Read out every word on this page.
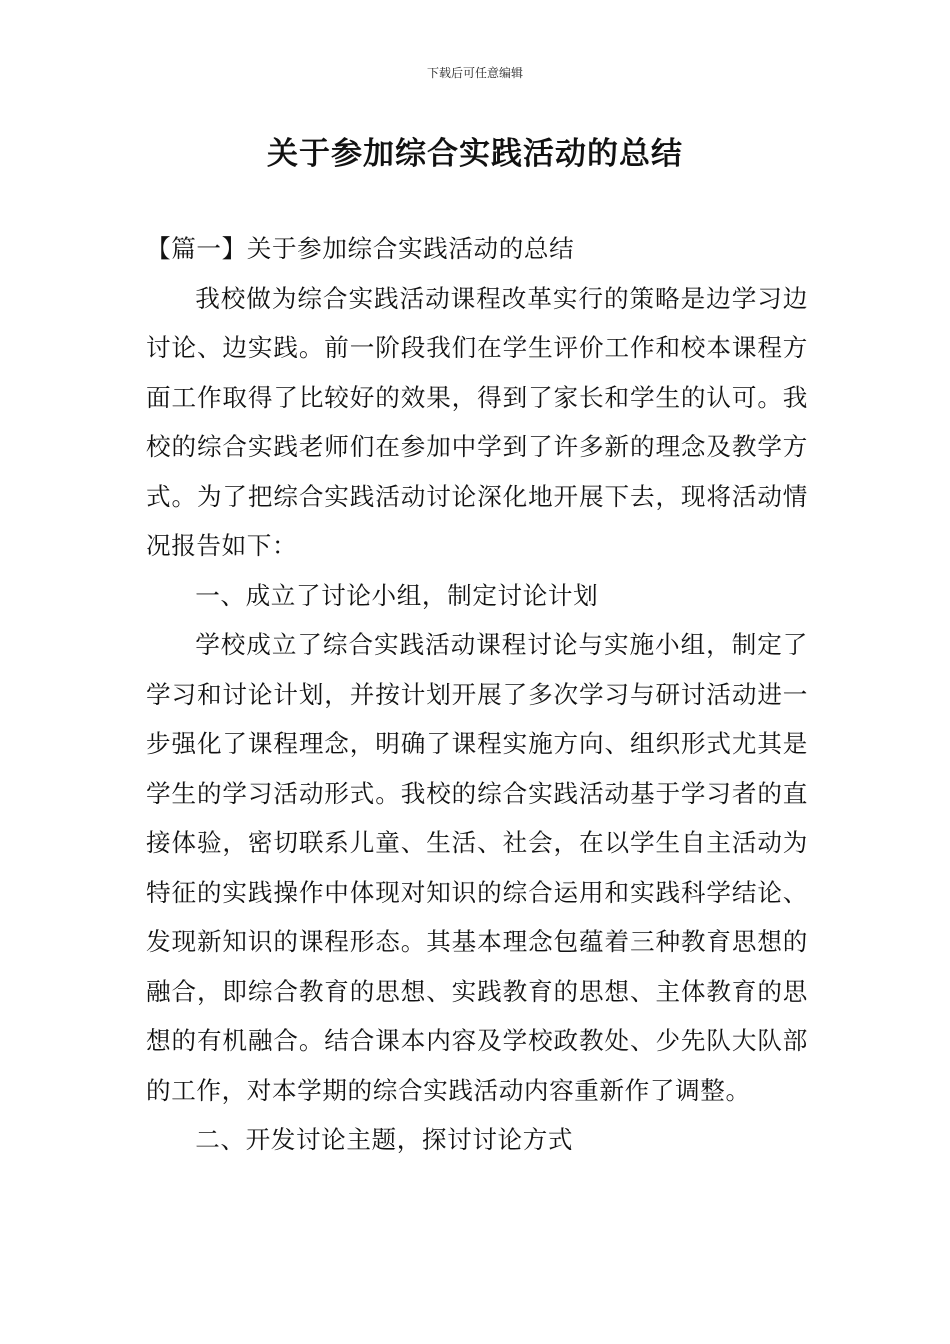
下载后可任意编辑
关于参加综合实践活动的总结

【篇一】关于参加综合实践活动的总结

我校做为综合实践活动课程改革实行的策略是边学习边讨论、边实践。前一阶段我们在学生评价工作和校本课程方面工作取得了比较好的效果，得到了家长和学生的认可。我校的综合实践老师们在参加中学到了许多新的理念及教学方式。为了把综合实践活动讨论深化地开展下去，现将活动情况报告如下：

一、成立了讨论小组，制定讨论计划

学校成立了综合实践活动课程讨论与实施小组，制定了学习和讨论计划，并按计划开展了多次学习与研讨活动进一步强化了课程理念，明确了课程实施方向、组织形式尤其是学生的学习活动形式。我校的综合实践活动基于学习者的直接体验，密切联系儿童、生活、社会，在以学生自主活动为特征的实践操作中体现对知识的综合运用和实践科学结论、发现新知识的课程形态。其基本理念包蕴着三种教育思想的融合，即综合教育的思想、实践教育的思想、主体教育的思想的有机融合。结合课本内容及学校政教处、少先队大队部的工作，对本学期的综合实践活动内容重新作了调整。

二、开发讨论主题，探讨讨论方式
